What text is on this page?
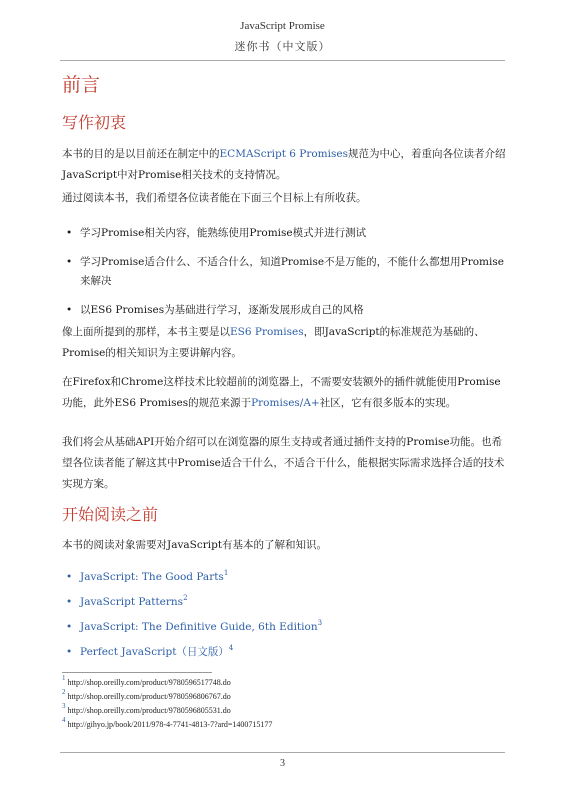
JavaScript Promise
迷你书（中文版）
前言
写作初衷

本书的目的是以目前还在制定中的ECMAScript 6 Promises规范为中心，着重向各位读者介绍JavaScript中对Promise相关技术的支持情况。

通过阅读本书，我们希望各位读者能在下面三个目标上有所收获。

• 学习Promise相关内容，能熟练使用Promise模式并进行测试
• 学习Promise适合什么、不适合什么，知道Promise不是万能的，不能什么都想用Promise来解决
• 以ES6 Promises为基础进行学习，逐渐发展形成自己的风格

像上面所提到的那样，本书主要是以ES6 Promises，即JavaScript的标准规范为基础的、Promise的相关知识为主要讲解内容。

在Firefox和Chrome这样技术比较超前的浏览器上，不需要安装额外的插件就能使用Promise功能，此外ES6 Promises的规范来源于Promises/A+社区，它有很多版本的实现。

我们将会从基础API开始介绍可以在浏览器的原生支持或者通过插件支持的Promise功能。也希望各位读者能了解这其中Promise适合干什么，不适合干什么，能根据实际需求选择合适的技术实现方案。

开始阅读之前

本书的阅读对象需要对JavaScript有基本的了解和知识。

• JavaScript: The Good Parts$^1$
• JavaScript Patterns$^2$
• JavaScript: The Definitive Guide, 6th Edition$^3$
• Perfect JavaScript（日文版）$^4$
$^1$ http://shop.oreilly.com/product/9780596517748.do
$^2$ http://shop.oreilly.com/product/9780596806767.do
$^3$ http://shop.oreilly.com/product/9780596805531.do
$^4$ http://gihyo.jp/book/2011/978-4-7741-4813-7?ard=1400715177
3
